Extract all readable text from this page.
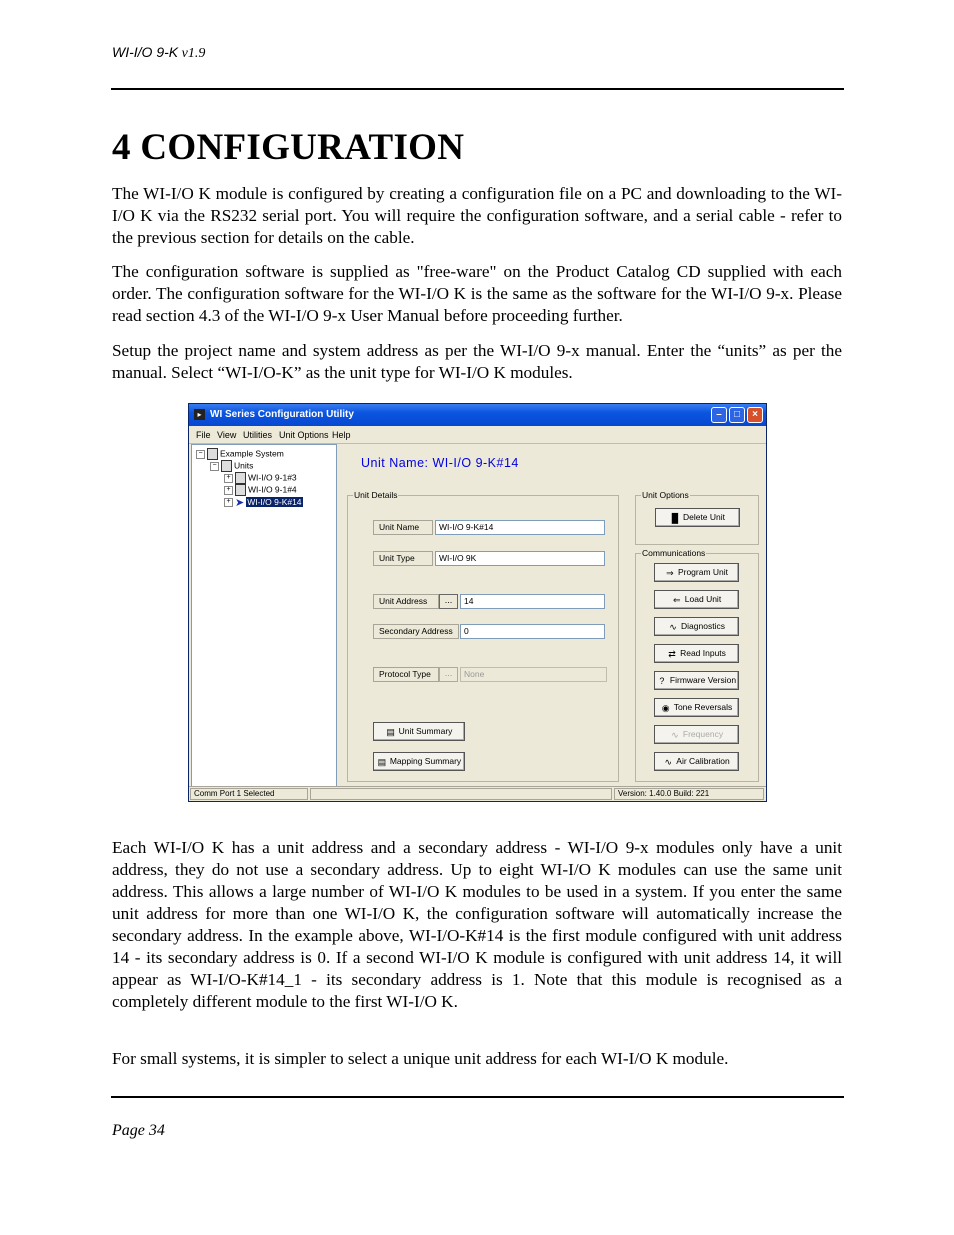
WI-I/O 9-K v1.9
4 CONFIGURATION

The WI-I/O K module is configured by creating a configuration file on a PC and downloading to the WI-I/O K via the RS232 serial port. You will require the configuration software, and a serial cable - refer to the previous section for details on the cable.

The configuration software is supplied as "free-ware" on the Product Catalog CD supplied with each order. The configuration software for the WI-I/O K is the same as the software for the WI-I/O 9-x. Please read section 4.3 of the WI-I/O 9-x User Manual before proceeding further.

Setup the project name and system address as per the WI-I/O 9-x manual. Enter the “units” as per the manual. Select “WI-I/O-K” as the unit type for WI-I/O K modules.

▸ WI Series Configuration Utility	–	□	×
File View Utilities Unit Options Help
− Example System
− Units
+ WI-I/O 9-1#3
+ WI-I/O 9-1#4
+ ➤ WI-I/O 9-K#14
Unit Name: WI-I/O 9-K#14
Unit Details
Unit Name	WI-I/O 9-K#14
Unit Type	WI-I/O 9K
Unit Address	...	14
Secondary Address	0
Protocol Type	...	None
▤ Unit Summary
▤ Mapping Summary
Unit Options
█ Delete Unit
Communications
⇒ Program Unit
⇐ Load Unit
∿ Diagnostics
⇄ Read Inputs
? Firmware Version
◉ Tone Reversals
∿ Frequency
∿ Air Calibration
Comm Port 1 Selected	Version: 1.40.0 Build: 221

Each WI-I/O K has a unit address and a secondary address - WI-I/O 9-x modules only have a unit address, they do not use a secondary address. Up to eight WI-I/O K modules can use the same unit address. This allows a large number of WI-I/O K modules to be used in a system. If you enter the same unit address for more than one WI-I/O K, the configuration software will automatically increase the secondary address. In the example above, WI-I/O-K#14 is the first module configured with unit address 14 - its secondary address is 0. If a second WI-I/O K module is configured with unit address 14, it will appear as WI-I/O-K#14_1 - its secondary address is 1. Note that this module is recognised as a completely different module to the first WI-I/O K.

For small systems, it is simpler to select a unique unit address for each WI-I/O K module.

Page 34
